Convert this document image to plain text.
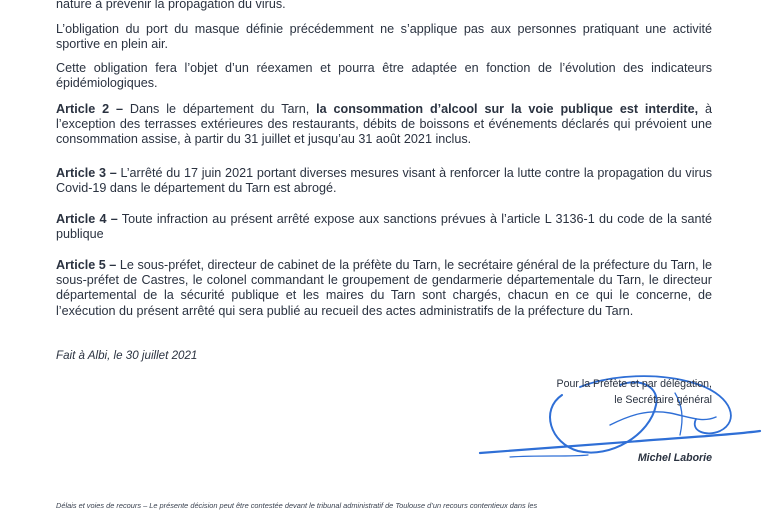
nature à prévenir la propagation du virus.

L’obligation du port du masque définie précédemment ne s’applique pas aux personnes pratiquant une activité sportive en plein air.

Cette obligation fera l’objet d’un réexamen et pourra être adaptée en fonction de l’évolution des indicateurs épidémiologiques.

Article 2 – Dans le département du Tarn, la consommation d’alcool sur la voie publique est interdite, à l’exception des terrasses extérieures des restaurants, débits de boissons et événements déclarés qui prévoient une consommation assise, à partir du 31 juillet et jusqu’au 31 août 2021 inclus.

Article 3 – L’arrêté du 17 juin 2021 portant diverses mesures visant à renforcer la lutte contre la propagation du virus Covid-19 dans le département du Tarn est abrogé.

Article 4 – Toute infraction au présent arrêté expose aux sanctions prévues à l’article L 3136-1 du code de la santé publique

Article 5 – Le sous-préfet, directeur de cabinet de la préfète du Tarn, le secrétaire général de la préfecture du Tarn, le sous-préfet de Castres, le colonel commandant le groupement de gendarmerie départementale du Tarn, le directeur départemental de la sécurité publique et les maires du Tarn sont chargés, chacun en ce qui le concerne, de l’exécution du présent arrêté qui sera publié au recueil des actes administratifs de la préfecture du Tarn.

Fait à Albi, le 30 juillet 2021

Pour la Préfète et par délégation,

le Secrétaire général

Michel Laborie

Délais et voies de recours – Le présente décision peut être contestée devant le tribunal administratif de Toulouse d’un recours contentieux dans les
